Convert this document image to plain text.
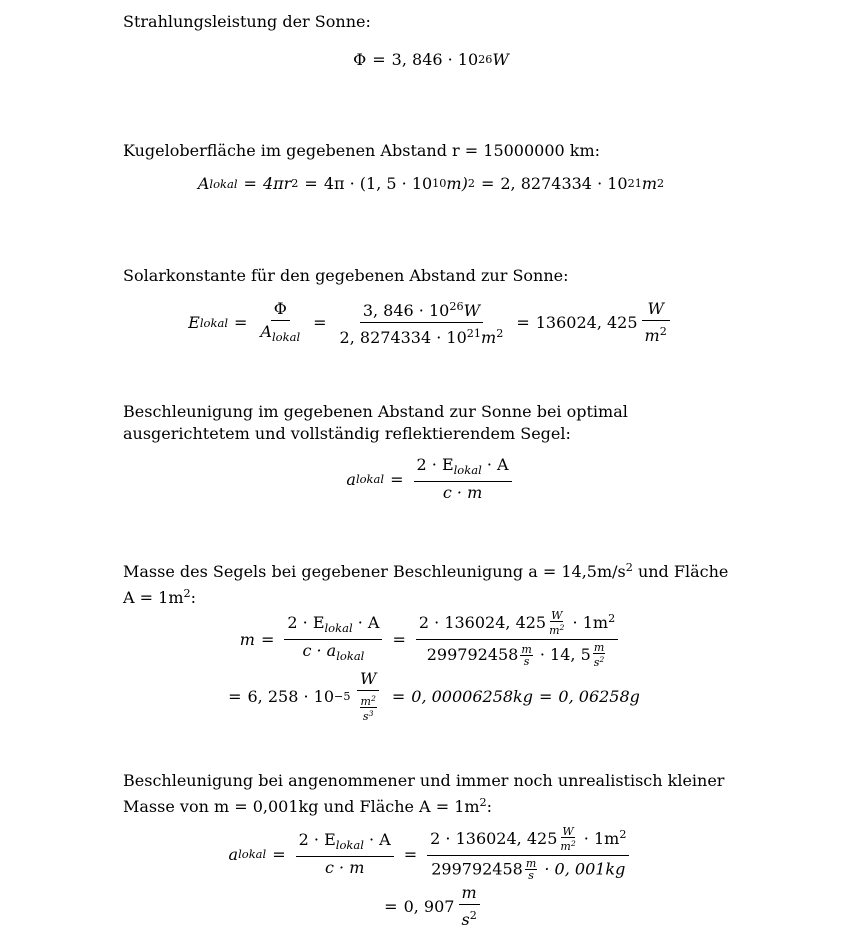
Strahlungsleistung der Sonne:
Φ = 3, 846 · 10 26 W
Kugeloberfläche im gegebenen Abstand r = 15000000 km:
A lokal = 4πr 2 = 4π · (1, 5 · 10 10 m) 2 = 2, 8274334 · 10 21 m 2
Solarkonstante für den gegebenen Abstand zur Sonne:
E lokal = $\frac{\Phi}{A_{lokal}} = \frac{3, 846 \cdot 10^{26}W}{2, 8274334 \cdot 10^{21}m^2} = 136024$, $425 \frac{W}{m^2}$
Beschleunigung im gegebenen Abstand zur Sonne bei optimal ausgerichtetem und vollständig reflektierendem Segel:
a lokal = $\frac{2 \cdot E_{lokal} \cdot A}{c \cdot m}$
Masse des Segels bei gegebener Beschleunigung $a = 14,5m/s^2$ und Fläche $A = 1m^2$:
$m = \frac{2 \cdot E_{lokal} \cdot A}{c \cdot a_{lokal}} = \frac{2 \cdot 136024, 425 \frac{W}{m^2} \cdot 1m^2}{299792458 \frac{m}{s} \cdot 14, 5 \frac{m}{s^2}}$
= 6, $258 \cdot 10 -5 \frac{W}{\frac{m^2}{s^3}} = 0$, 00006258kg = 0, 06258g
Beschleunigung bei angenommener und immer noch unrealistisch kleiner Masse von m = 0,001kg und Fläche $A = 1m^2$:
a lokal = $\frac{2 \cdot E_{lokal} \cdot A}{c \cdot m} = \frac{2 \cdot 136024, 425 \frac{W}{m^2} \cdot 1m^2}{299792458 \frac{m}{s} \cdot 0, 001kg}$
= 0, $907 \frac{m}{s^2}$
